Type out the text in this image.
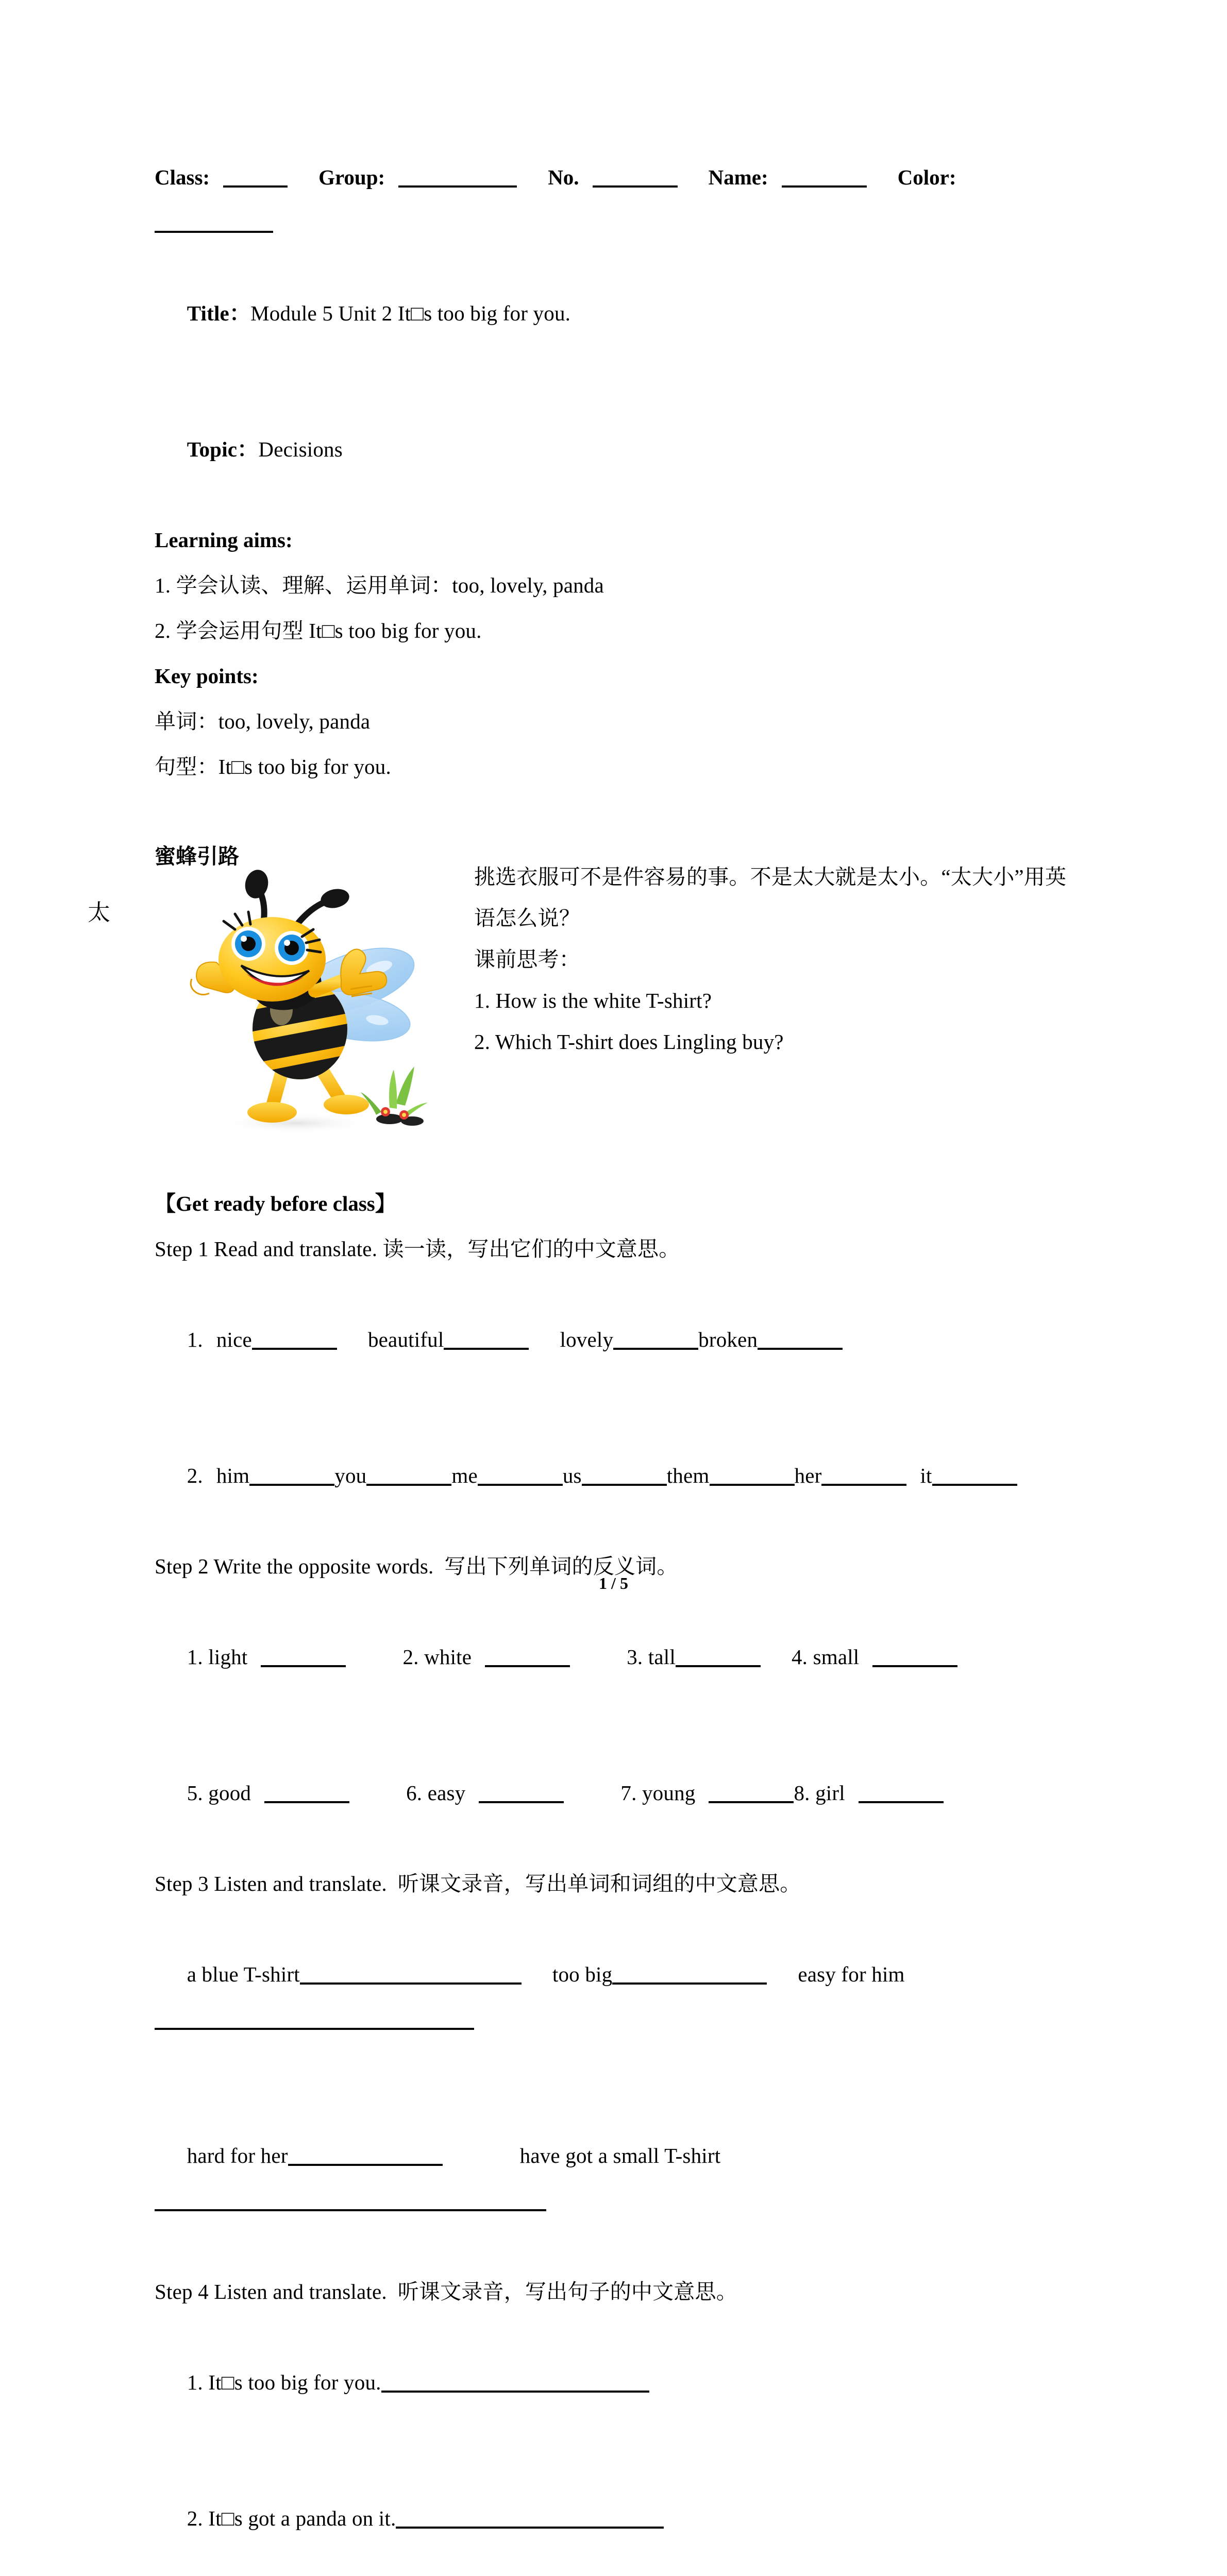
Class:	Group:	No.	Name:	Color:

Title：Module 5 Unit 2 It□s too big for you.

Topic：Decisions

Learning aims:
1. 学会认读、理解、运用单词：too, lovely, panda
2. 学会运用句型 It□s too big for you.
Key points:
单词：too, lovely, panda
句型：It□s too big for you.
蜜蜂引路
太
挑选衣服可不是件容易的事。不是太大就是太小。“太大小”用英语怎么说？
课前思考：
1. How is the white T-shirt?
2. Which T-shirt does Lingling buy?
【Get ready before class】
Step 1 Read and translate. 读一读，写出它们的中文意思。

1. nice	beautiful	lovely	broken

2. him	you	me	us	them	her	it

Step 2 Write the opposite words.  写出下列单词的反义词。

1. light	2. white	3. tall	4. small

5. good	6. easy	7. young	8. girl

Step 3 Listen and translate.  听课文录音，写出单词和词组的中文意思。

a blue T-shirt	too big	easy for him

hard for her	have got a small T-shirt

Step 4 Listen and translate.  听课文录音，写出句子的中文意思。

1. It□s too big for you.

2. It□s got a panda on it.

1 / 5
